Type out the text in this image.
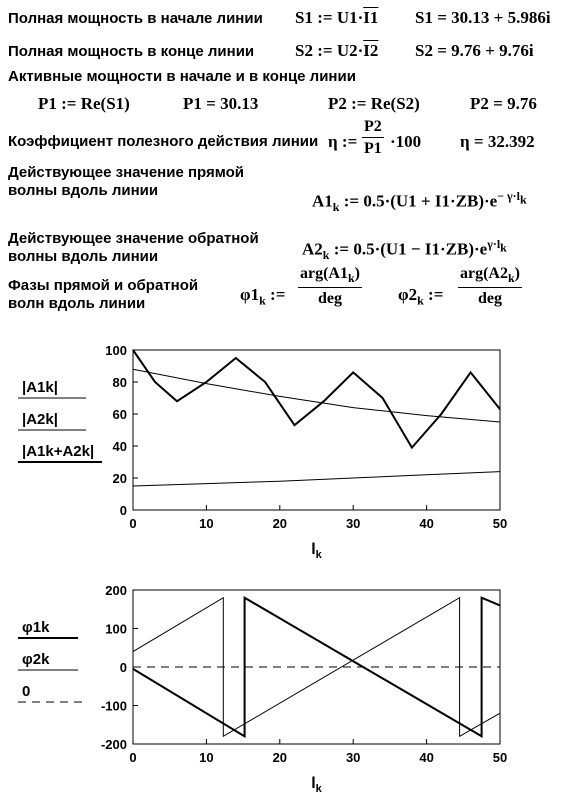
Полная мощность в начале линии S1 := U1·I1 S1 = 30.13 + 5.986i
Полная мощность в конце линии S2 := U2·I2 S2 = 9.76 + 9.76i
Активные мощности в начале и в конце линии
P1 := Re(S1)	P1 = 30.13	P2 := Re(S2)	P2 = 9.76
Коэффициент полезного действия линии η := $\frac{P2}{P1} \cdot 100$ η = 32.392
Действующее значение прямой
волны вдоль линии
$A1_k$ := $0.5\cdot(U1 + I1\cdot ZB)\cdot e^{- \gamma\cdot l_k}$
Действующее значение обратной
волны вдоль линии	$A2_k$ := $0.5\cdot(U1 - I1\cdot ZB)\cdot e^{\gamma\cdot l_k}$
Фазы прямой и обратной
волн вдоль линии	$\varphi 1_k$ :=
$arg(A1_k)$
deg	$\varphi 2_k$ :=
$arg(A2_k)$
deg
0	10	20	30	40	50
0
20
40
60
80
100
$l_k$
|A1k|
|A2k|
|A1k+A2k|
0	10	20	30	40	50
-200
-100
0
100
200
$l_k$
φ1k
φ2k
0
